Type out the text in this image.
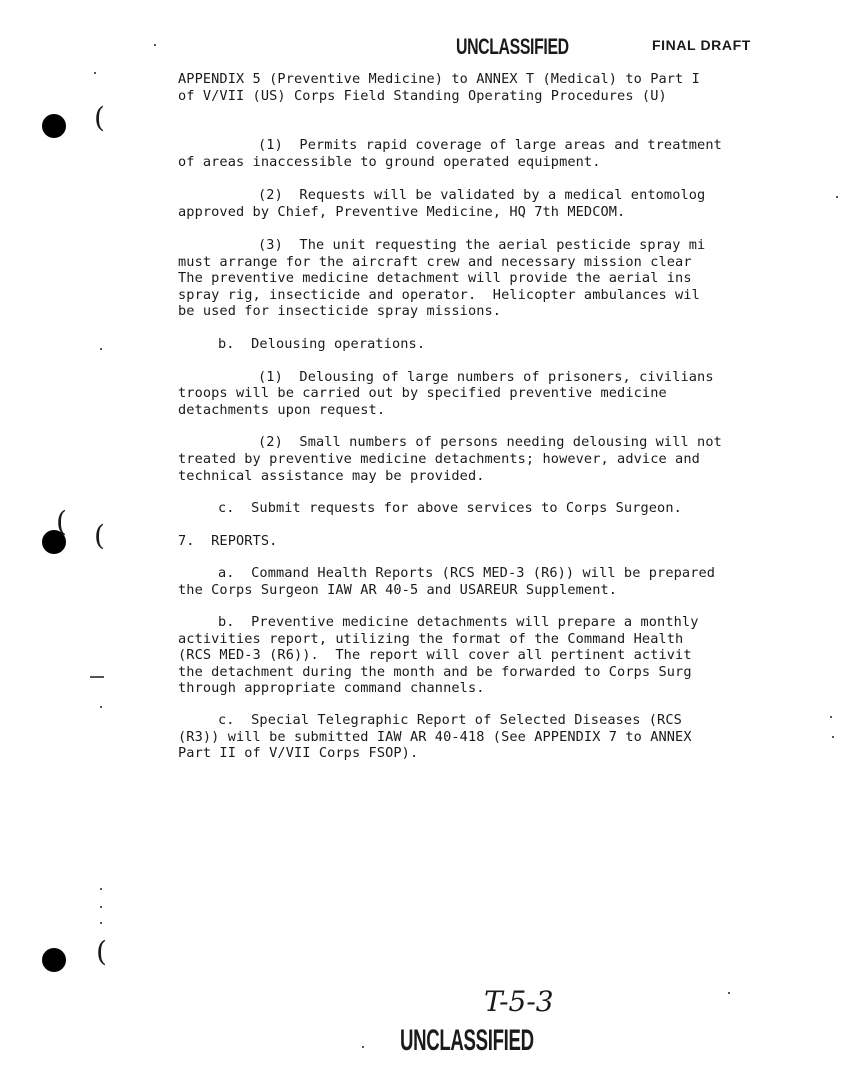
UNCLASSIFIED	FINAL DRAFT
APPENDIX 5 (Preventive Medicine) to ANNEX T (Medical) to Part I
of V/VII (US) Corps Field Standing Operating Procedures (U)
(1)  Permits rapid coverage of large areas and treatment
of areas inaccessible to ground operated equipment.
(2)  Requests will be validated by a medical entomolog
approved by Chief, Preventive Medicine, HQ 7th MEDCOM.
(3)  The unit requesting the aerial pesticide spray mi
must arrange for the aircraft crew and necessary mission clear
The preventive medicine detachment will provide the aerial ins
spray rig, insecticide and operator.  Helicopter ambulances wil
be used for insecticide spray missions.
b.  Delousing operations.
(1)  Delousing of large numbers of prisoners, civilians
troops will be carried out by specified preventive medicine
detachments upon request.
(2)  Small numbers of persons needing delousing will not
treated by preventive medicine detachments; however, advice and
technical assistance may be provided.
c.  Submit requests for above services to Corps Surgeon.
7.  REPORTS.
a.  Command Health Reports (RCS MED-3 (R6)) will be prepared
the Corps Surgeon IAW AR 40-5 and USAREUR Supplement.
b.  Preventive medicine detachments will prepare a monthly
activities report, utilizing the format of the Command Health
(RCS MED-3 (R6)).  The report will cover all pertinent activit
the detachment during the month and be forwarded to Corps Surg
through appropriate command channels.
c.  Special Telegraphic Report of Selected Diseases (RCS
(R3)) will be submitted IAW AR 40-418 (See APPENDIX 7 to ANNEX
Part II of V/VII Corps FSOP).
T-5-3
UNCLASSIFIED
(
( (
(
